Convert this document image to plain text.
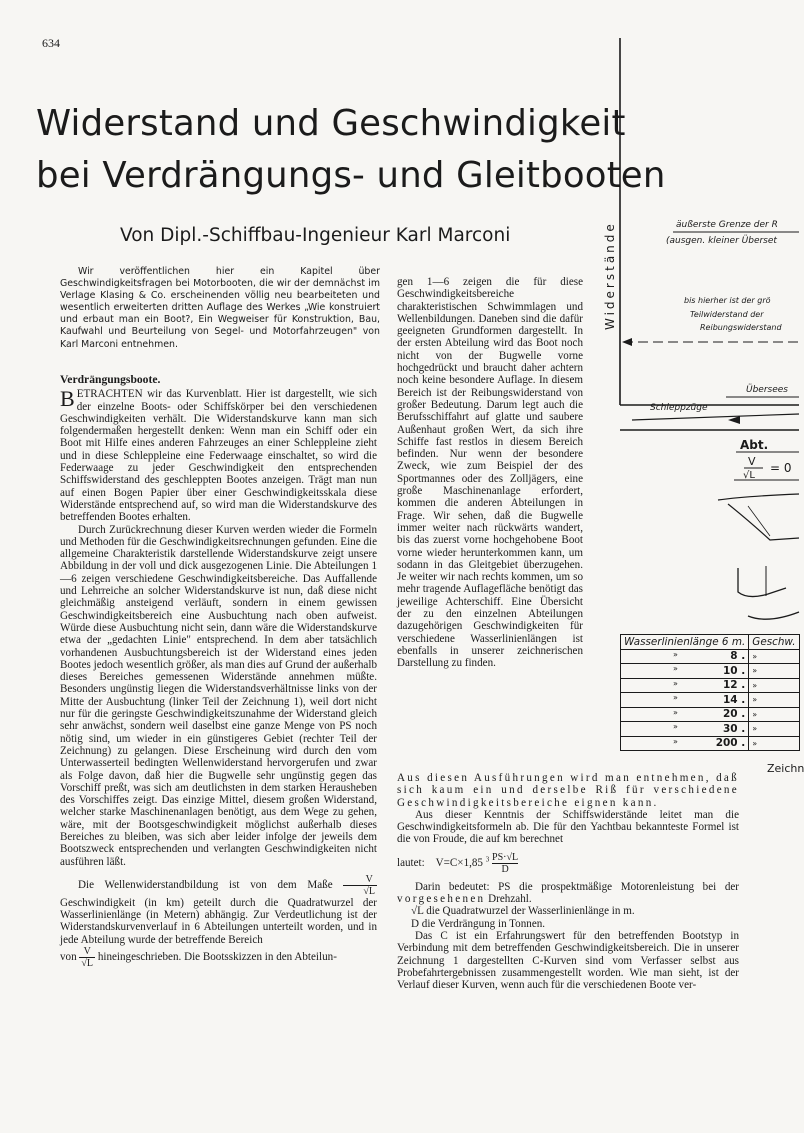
634
Widerstand und Geschwindigkeit
bei Verdrängungs- und Gleitbooten
Von Dipl.-Schiffbau-Ingenieur Karl Marconi

Wir veröffentlichen hier ein Kapitel über Geschwindigkeitsfragen bei Motorbooten, die wir der demnächst im Verlage Klasing & Co. erscheinenden völlig neu bearbeiteten und wesentlich erweiterten dritten Auflage des Werkes „Wie konstruiert und erbaut man ein Boot?, Ein Wegweiser für Konstruktion, Bau, Kaufwahl und Beurteilung von Segel- und Motorfahrzeugen" von Karl Marconi entnehmen.

Verdrängungsboote.

BETRACHTEN wir das Kurvenblatt. Hier ist dargestellt, wie sich der einzelne Boots- oder Schiffskörper bei den verschiedenen Geschwindigkeiten verhält. Die Widerstandskurve kann man sich folgendermaßen hergestellt denken: Wenn man ein Schiff oder ein Boot mit Hilfe eines anderen Fahrzeuges an einer Schleppleine zieht und in diese Schleppleine eine Federwaage einschaltet, so wird die Federwaage zu jeder Geschwindigkeit den entsprechenden Schiffswiderstand des geschleppten Bootes anzeigen. Trägt man nun auf einen Bogen Papier über einer Geschwindigkeitsskala diese Widerstände entsprechend auf, so wird man die Widerstandskurve des betreffenden Bootes erhalten.

Durch Zurückrechnung dieser Kurven werden wieder die Formeln und Methoden für die Geschwindigkeitsrechnungen gefunden. Eine die allgemeine Charakteristik darstellende Widerstandskurve zeigt unsere Abbildung in der voll und dick ausgezogenen Linie. Die Abteilungen 1—6 zeigen verschiedene Geschwindigkeitsbereiche. Das Auffallende und Lehrreiche an solcher Widerstandskurve ist nun, daß diese nicht gleichmäßig ansteigend verläuft, sondern in einem gewissen Geschwindigkeitsbereich eine Ausbuchtung nach oben aufweist. Würde diese Ausbuchtung nicht sein, dann wäre die Widerstandskurve etwa der „gedachten Linie" entsprechend. In dem aber tatsächlich vorhandenen Ausbuchtungsbereich ist der Widerstand eines jeden Bootes jedoch wesentlich größer, als man dies auf Grund der außerhalb dieses Bereiches gemessenen Widerstände annehmen müßte. Besonders ungünstig liegen die Widerstandsverhältnisse links von der Mitte der Ausbuchtung (linker Teil der Zeichnung 1), weil dort nicht nur für die geringste Geschwindigkeitszunahme der Widerstand gleich sehr anwächst, sondern weil daselbst eine ganze Menge von PS noch nötig sind, um wieder in ein günstigeres Gebiet (rechter Teil der Zeichnung) zu gelangen. Diese Erscheinung wird durch den vom Unterwasserteil bedingten Wellenwiderstand hervorgerufen und zwar als Folge davon, daß hier die Bugwelle sehr ungünstig gegen das Vorschiff preßt, was sich am deutlichsten in dem starken Herausheben des Vorschiffes zeigt. Das einzige Mittel, diesem großen Widerstand, welcher starke Maschinenanlagen benötigt, aus dem Wege zu gehen, wäre, mit der Bootsgeschwindigkeit möglichst außerhalb dieses Bereiches zu bleiben, was sich aber leider infolge der jeweils dem Bootszweck entsprechenden und verlangten Geschwindigkeiten nicht ausführen läßt.

Die Wellenwiderstandbildung ist von dem Maße $\frac{V}{√L}$
Geschwindigkeit (in km) geteilt durch die Quadratwurzel der Wasserlinienlänge (in Metern) abhängig. Zur Verdeutlichung ist der Widerstandskurvenverlauf in 6 Abteilungen unterteilt worden, und in jede Abteilung wurde der betreffende Bereich

von $\frac{V}{√L}$ hineingeschrieben. Die Bootsskizzen in den Abteilun-

gen 1—6 zeigen die für diese Geschwindigkeitsbereiche charakteristischen Schwimmlagen und Wellenbildungen. Daneben sind die dafür geeigneten Grundformen dargestellt. In der ersten Abteilung wird das Boot noch nicht von der Bugwelle vorne hochgedrückt und braucht daher achtern noch keine besondere Auflage. In diesem Bereich ist der Reibungswiderstand von großer Bedeutung. Darum legt auch die Berufsschiffahrt auf glatte und saubere Außenhaut großen Wert, da sich ihre Schiffe fast restlos in diesem Bereich befinden. Nur wenn der besondere Zweck, wie zum Beispiel der des Sportmannes oder des Zolljägers, eine große Maschinenanlage erfordert, kommen die anderen Abteilungen in Frage. Wir sehen, daß die Bugwelle immer weiter nach rückwärts wandert, bis das zuerst vorne hochgehobene Boot vorne wieder herunterkommen kann, um sodann in das Gleitgebiet überzugehen. Je weiter wir nach rechts kommen, um so mehr tragende Auflagefläche benötigt das jeweilige Achterschiff. Eine Übersicht der zu den einzelnen Abteilungen dazugehörigen Geschwindigkeiten für verschiedene Wasserlinienlängen ist ebenfalls in unserer zeichnerischen Darstellung zu finden.

Aus diesen Ausführungen wird man entnehmen, daß sich kaum ein und derselbe Riß für verschiedene Geschwindigkeitsbereiche eignen kann.

Aus dieser Kenntnis der Schiffswiderstände leitet man die Geschwindigkeitsformeln ab. Die für den Yachtbau bekanntestе Formel ist die von Froude, die auf km berechnet

lautet: V=C×1,85 $^3 \frac{PS\cdot√L}{D}$

Darin bedeutet: PS die prospektmäßige Motorenleistung bei der vorgesehenen Drehzahl.

√L die Quadratwurzel der Wasserlinienlänge in m.

D die Verdrängung in Tonnen.

Das C ist ein Erfahrungswert für den betreffenden Bootstyp in Verbindung mit dem betreffenden Geschwindigkeitsbereich. Die in unserer Zeichnung 1 dargestellten C-Kurven sind vom Verfasser selbst aus Probefahrtergebnissen zusammengestellt worden. Wie man sieht, ist der Verlauf dieser Kurven, wenn auch für die verschiedenen Boote ver-

Widerstände	äußerste Grenze der R
(ausgen. kleiner Überset
bis hierher ist der grö
Teilwiderstand der
Reibungswiderstand
Übersees
Schleppzüge
Abt.
V
√L
= 0
Wasserlinienlänge 6 m.	Geschw.

» 8 .	»

» 10 .	»

» 12 .	»

» 14 .	»

» 20 .	»

» 30 .	»

» 200 .	»
Zeichn
